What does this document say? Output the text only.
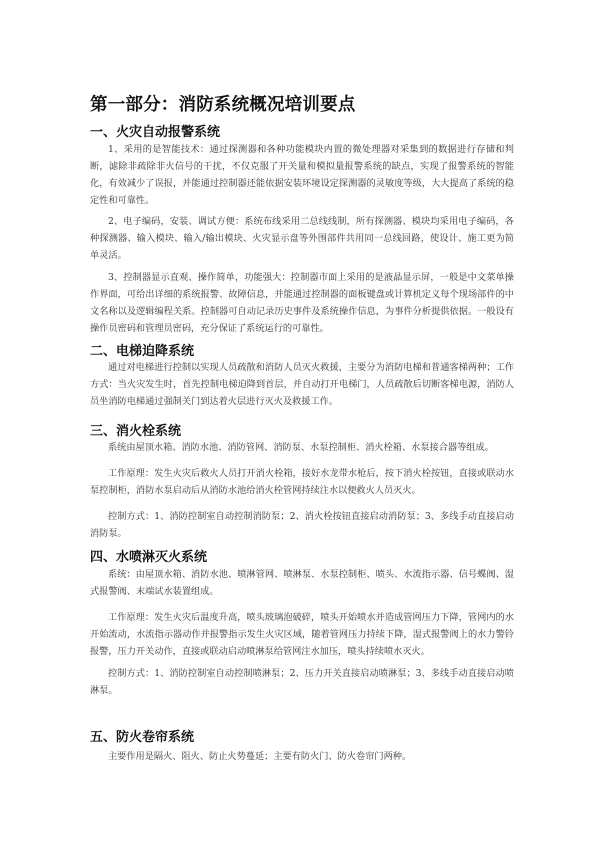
第一部分：消防系统概况培训要点
一、火灾自动报警系统

1、采用的是智能技术：通过探测器和各种功能模块内置的微处理器对采集到的数据进行存储和判断，滤除非疏除非火信号的干扰，不仅克服了开关量和模拟量报警系统的缺点，实现了报警系统的智能化，有效减少了误报，并能通过控制器还能依据安装环境设定探测器的灵敏度等级，大大提高了系统的稳定性和可靠性。

2、电子编码，安装、调试方便：系统布线采用二总线线制，所有探测器、模块均采用电子编码，各种探测器、输入模块、输入/输出模块、火灾显示盘等外围部件共用同一总线回路，使设计、施工更为简单灵活。

3、控制器显示直观、操作简单，功能强大：控制器市面上采用的是液晶显示屏，一般是中文菜单操作界面，可给出详细的系统报警、故障信息，并能通过控制器的面板键盘或计算机定义每个现场部件的中文名称以及逻辑编程关系。控制器可自动记录历史事件及系统操作信息，为事件分析提供依据。一般设有操作员密码和管理员密码，充分保证了系统运行的可靠性。

二、电梯迫降系统

通过对电梯进行控制以实现人员疏散和消防人员灭火救援，主要分为消防电梯和普通客梯两种；工作方式：当火灾发生时，首先控制电梯迫降到首层，并自动打开电梯门，人员疏散后切断客梯电源，消防人员坐消防电梯通过强制关门到达着火层进行灭火及救援工作。

三、消火栓系统

系统由屋顶水箱、消防水池、消防管网、消防泵、水泵控制柜、消火栓箱、水泵接合器等组成。

工作原理：发生火灾后救火人员打开消火栓箱，接好水龙带水枪后，按下消火栓按钮，直接或联动水泵控制柜，消防水泵启动后从消防水池给消火栓管网持续注水以便救火人员灭火。

控制方式：1、消防控制室自动控制消防泵；2、消火栓按钮直接启动消防泵；3、多线手动直接启动消防泵。

四、水喷淋灭火系统

系统：由屋顶水箱、消防水池、喷淋管网、喷淋泵、水泵控制柜、喷头、水流指示器、信号蝶阀、湿式报警阀、末端试水装置组成。

工作原理：发生火灾后温度升高，喷头玻璃泡破碎，喷头开始喷水并造成管网压力下降，管网内的水开始流动，水流指示器动作并报警指示发生火灾区域，随着管网压力持续下降，湿式报警阀上的水力警铃报警，压力开关动作，直接或联动启动喷淋泵给管网注水加压，喷头持续喷水灭火。

控制方式：1、消防控制室自动控制喷淋泵；2、压力开关直接启动喷淋泵；3、多线手动直接启动喷淋泵。

五、防火卷帘系统

主要作用是隔火、阻火、防止火势蔓延；主要有防火门、防火卷帘门两种。
